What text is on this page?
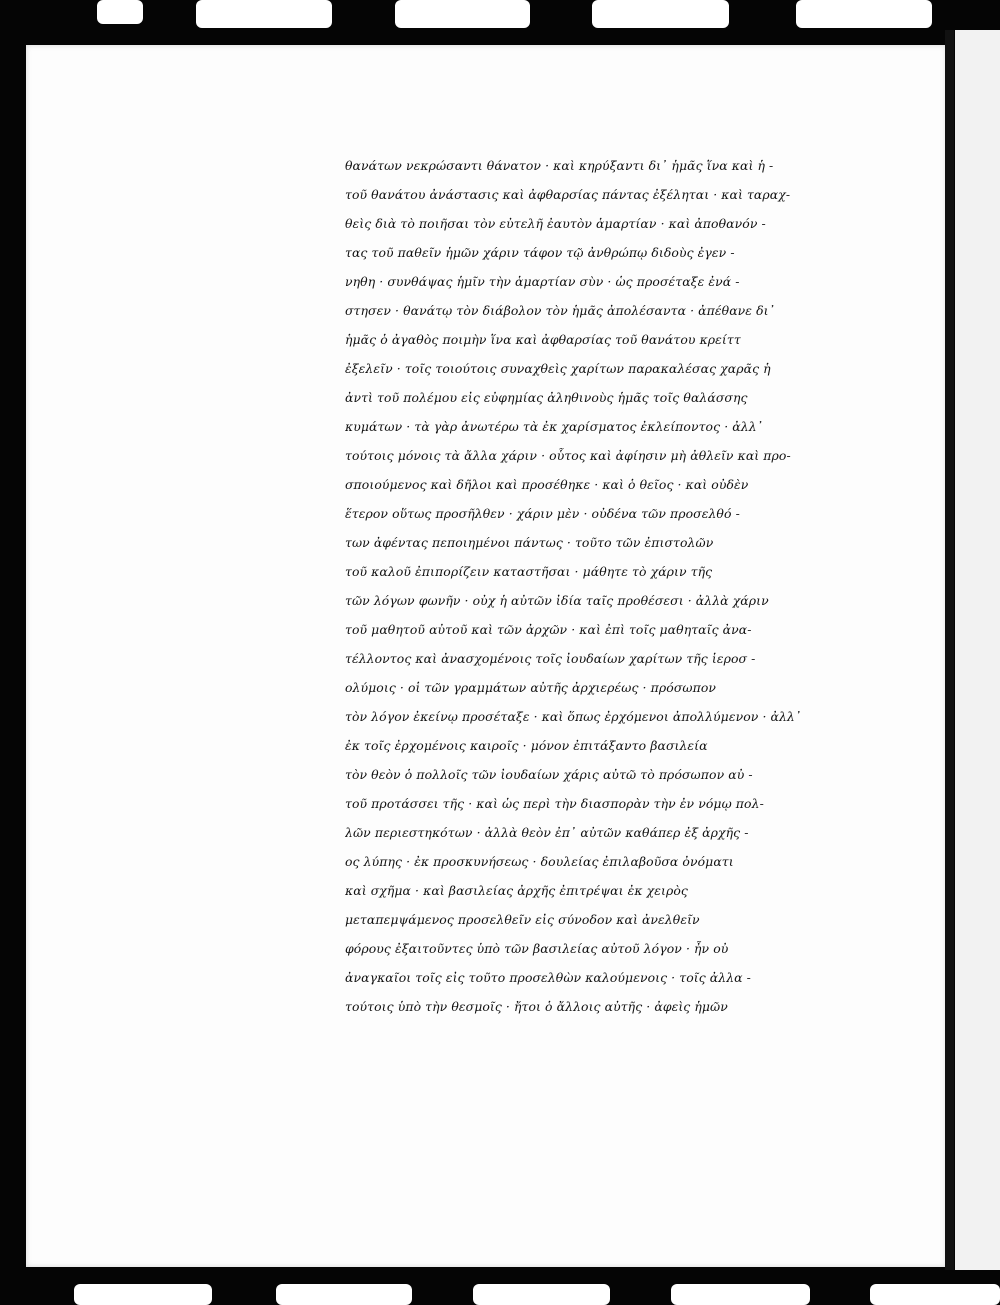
θανάτων νεκρώσαντι θάνατον · καὶ κηρύξαντι δι᾿ ἡμᾶς ἵνα καὶ ἡ -
τοῦ θανάτου ἀνάστασις καὶ ἀφθαρσίας πάντας ἐξέληται · καὶ ταραχ-
θεὶς διὰ τὸ ποιῆσαι τὸν εὐτελῆ ἐαυτὸν ἁμαρτίαν · καὶ ἀποθανόν -
τας τοῦ παθεῖν ἡμῶν χάριν τάφον τῷ ἀνθρώπῳ διδοὺς ἐγεν -
νηθη · συνθάψας ἡμῖν τὴν ἁμαρτίαν σὺν · ὡς προσέταξε ἐνά -
στησεν · θανάτῳ τὸν διάβολον τὸν ἡμᾶς ἀπολέσαντα · ἀπέθανε δι᾿
ἡμᾶς ὁ ἀγαθὸς ποιμὴν ἵνα καὶ ἀφθαρσίας τοῦ θανάτου κρείττ
ἐξελεῖν · τοῖς τοιούτοις συναχθεὶς χαρίτων παρακαλέσας χαρᾶς ἡ
ἀντὶ τοῦ πολέμου εἰς εὐφημίας ἀληθινοὺς ἡμᾶς τοῖς θαλάσσης
κυμάτων · τὰ γὰρ ἀνωτέρω τὰ ἐκ χαρίσματος ἐκλείποντος · ἀλλ᾿
τούτοις μόνοις τὰ ἄλλα χάριν · οὗτος καὶ ἀφίησιν μὴ ἀθλεῖν καὶ προ-
σποιούμενος καὶ δῆλοι καὶ προσέθηκε · καὶ ὁ θεῖος · καὶ οὐδὲν
ἕτερον οὕτως προσῆλθεν · χάριν μὲν · οὐδένα τῶν προσελθό -
των ἀφέντας πεποιημένοι πάντως · τοῦτο τῶν ἐπιστολῶν
τοῦ καλοῦ ἐπιπορίζειν καταστῆσαι · μάθητε τὸ χάριν τῆς
τῶν λόγων φωνῆν · οὐχ ἡ αὐτῶν ἰδία ταῖς προθέσεσι · ἀλλὰ χάριν
τοῦ μαθητοῦ αὐτοῦ καὶ τῶν ἀρχῶν · καὶ ἐπὶ τοῖς μαθηταῖς ἀνα-
τέλλοντος καὶ ἀνασχομένοις τοῖς ἰουδαίων χαρίτων τῆς ἱεροσ -
ολύμοις · οἱ τῶν γραμμάτων αὐτῆς ἀρχιερέως · πρόσωπον
τὸν λόγον ἐκείνῳ προσέταξε · καὶ ὅπως ἐρχόμενοι ἀπολλύμενον · ἀλλ᾿
ἐκ τοῖς ἐρχομένοις καιροῖς · μόνον ἐπιτάξαντο βασιλεία
τὸν θεὸν ὁ πολλοῖς τῶν ἰουδαίων χάρις αὐτῶ τὸ πρόσωπον αὐ -
τοῦ προτάσσει τῆς · καὶ ὡς περὶ τὴν διασπορὰν τὴν ἐν νόμῳ πολ-
λῶν περιεστηκότων · ἀλλὰ θεὸν ἐπ᾿ αὐτῶν καθάπερ ἐξ ἀρχῆς -
ος λύπης · ἐκ προσκυνήσεως · δουλείας ἐπιλαβοῦσα ὀνόματι
καὶ σχῆμα · καὶ βασιλείας ἀρχῆς ἐπιτρέψαι ἐκ χειρὸς
μεταπεμψάμενος προσελθεῖν εἰς σύνοδον καὶ ἀνελθεῖν
φόρους ἐξαιτοῦντες ὑπὸ τῶν βασιλείας αὐτοῦ λόγον · ἦν οὐ
ἀναγκαῖοι τοῖς εἰς τοῦτο προσελθὼν καλούμενοις · τοῖς ἀλλα -
τούτοις ὑπὸ τὴν θεσμοῖς · ἤτοι ὁ ἄλλοις αὐτῆς · ἀφεὶς ἡμῶν
